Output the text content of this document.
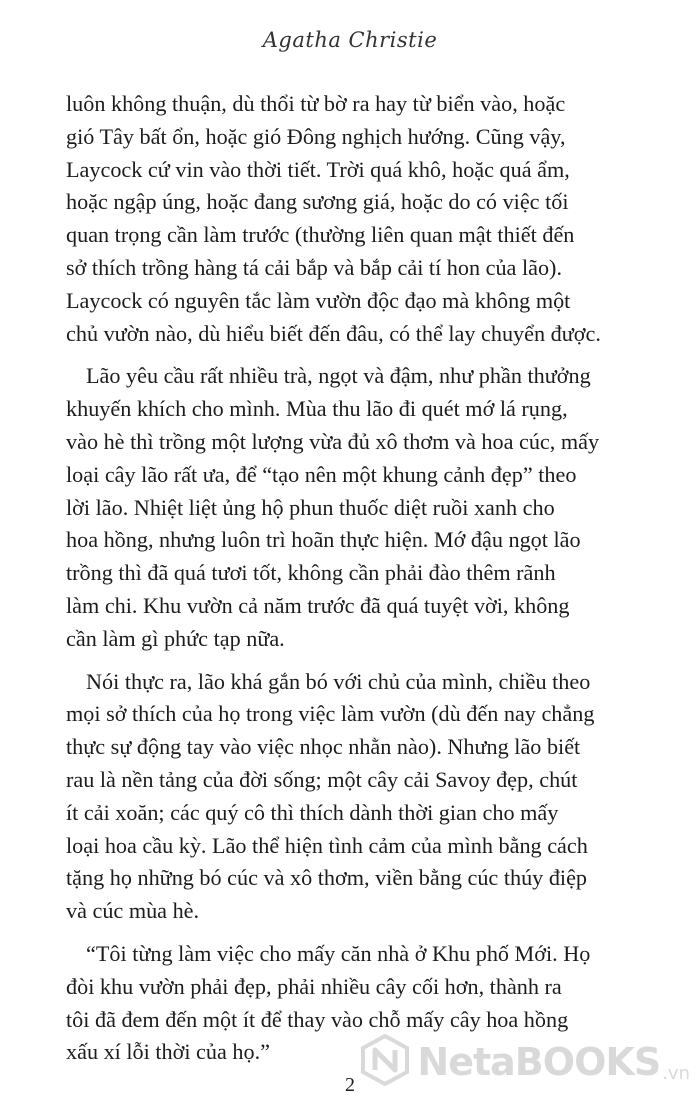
Agatha Christie
luôn không thuận, dù thổi từ bờ ra hay từ biển vào, hoặc
gió Tây bất ổn, hoặc gió Đông nghịch hướng. Cũng vậy,
Laycock cứ vin vào thời tiết. Trời quá khô, hoặc quá ẩm,
hoặc ngập úng, hoặc đang sương giá, hoặc do có việc tối
quan trọng cần làm trước (thường liên quan mật thiết đến
sở thích trồng hàng tá cải bắp và bắp cải tí hon của lão).
Laycock có nguyên tắc làm vườn độc đạo mà không một
chủ vườn nào, dù hiểu biết đến đâu, có thể lay chuyển được.
Lão yêu cầu rất nhiều trà, ngọt và đậm, như phần thưởng
khuyến khích cho mình. Mùa thu lão đi quét mớ lá rụng,
vào hè thì trồng một lượng vừa đủ xô thơm và hoa cúc, mấy
loại cây lão rất ưa, để “tạo nên một khung cảnh đẹp” theo
lời lão. Nhiệt liệt ủng hộ phun thuốc diệt ruồi xanh cho
hoa hồng, nhưng luôn trì hoãn thực hiện. Mớ đậu ngọt lão
trồng thì đã quá tươi tốt, không cần phải đào thêm rãnh
làm chi. Khu vườn cả năm trước đã quá tuyệt vời, không
cần làm gì phức tạp nữa.
Nói thực ra, lão khá gắn bó với chủ của mình, chiều theo
mọi sở thích của họ trong việc làm vườn (dù đến nay chẳng
thực sự động tay vào việc nhọc nhằn nào). Nhưng lão biết
rau là nền tảng của đời sống; một cây cải Savoy đẹp, chút
ít cải xoăn; các quý cô thì thích dành thời gian cho mấy
loại hoa cầu kỳ. Lão thể hiện tình cảm của mình bằng cách
tặng họ những bó cúc và xô thơm, viền bằng cúc thúy điệp
và cúc mùa hè.
“Tôi từng làm việc cho mấy căn nhà ở Khu phố Mới. Họ
đòi khu vườn phải đẹp, phải nhiều cây cối hơn, thành ra
tôi đã đem đến một ít để thay vào chỗ mấy cây hoa hồng
xấu xí lỗi thời của họ.”
2
NetaBOOKS .vn
